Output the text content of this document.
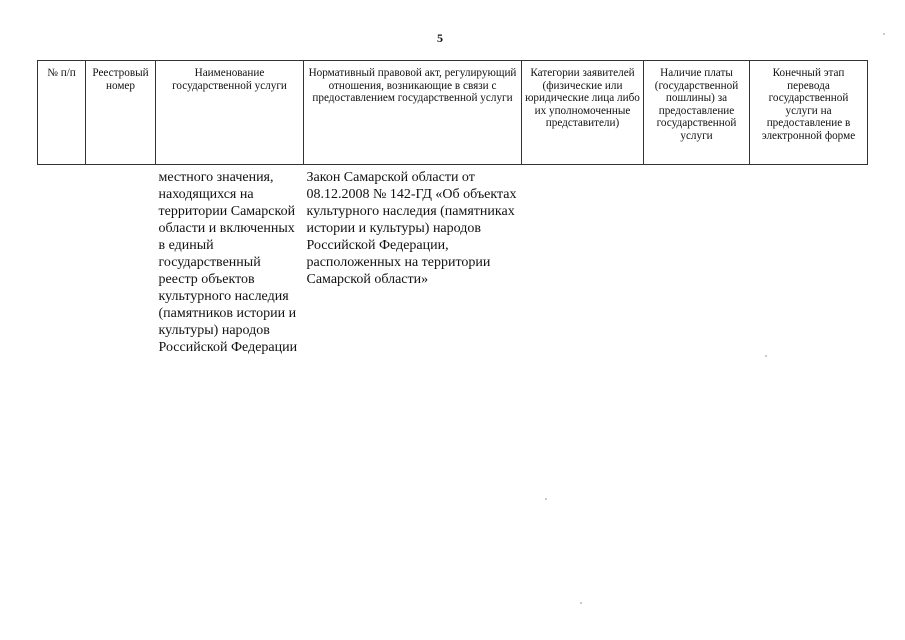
5
№ п/п	Реестровый номер	Наименование государственной услуги	Нормативный правовой акт, регулирующий отношения, возникающие в связи с предоставлением государственной услуги	Категории заявителей (физические или юридические лица либо их уполномоченные представители)	Наличие платы (государственной пошлины) за предоставление государственной услуги	Конечный этап перевода государственной услуги на предоставление в электронной форме
		местного значения, находящихся на территории Самарской области и включенных в единый государственный реестр объектов культурного наследия (памятников истории и культуры) народов Российской Федерации	Закон Самарской области от 08.12.2008 № 142-ГД «Об объектах культурного наследия (памятниках истории и культуры) народов Российской Федерации, расположенных на территории Самарской области»			
